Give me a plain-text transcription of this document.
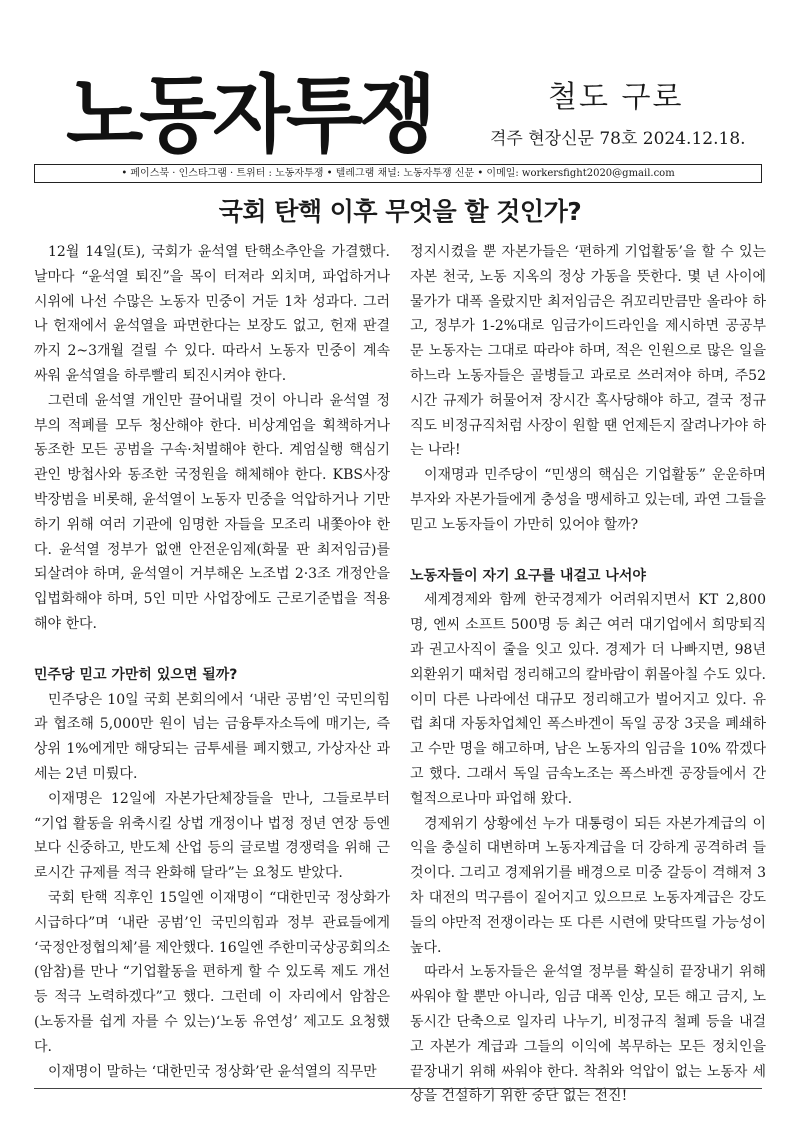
노동자투쟁	철도 구로
격주 현장신문 78호 2024.12.18.
• 페이스북 · 인스타그램 · 트위터 : 노동자투쟁 • 텔레그램 채널: 노동자투쟁 신문 • 이메일: workersfight2020@gmail.com
국회 탄핵 이후 무엇을 할 것인가?

12월 14일(토), 국회가 윤석열 탄핵소추안을 가결했다. 날마다 “윤석열 퇴진”을 목이 터져라 외치며, 파업하거나 시위에 나선 수많은 노동자 민중이 거둔 1차 성과다. 그러나 헌재에서 윤석열을 파면한다는 보장도 없고, 헌재 판결까지 2~3개월 걸릴 수 있다. 따라서 노동자 민중이 계속 싸워 윤석열을 하루빨리 퇴진시켜야 한다.

그런데 윤석열 개인만 끌어내릴 것이 아니라 윤석열 정부의 적폐를 모두 청산해야 한다. 비상계엄을 획책하거나 동조한 모든 공범을 구속·처벌해야 한다. 계엄실행 핵심기관인 방첩사와 동조한 국정원을 해체해야 한다. KBS사장 박장범을 비롯해, 윤석열이 노동자 민중을 억압하거나 기만하기 위해 여러 기관에 임명한 자들을 모조리 내쫓아야 한다. 윤석열 정부가 없앤 안전운임제(화물 판 최저임금)를 되살려야 하며, 윤석열이 거부해온 노조법 2·3조 개정안을 입법화해야 하며, 5인 미만 사업장에도 근로기준법을 적용해야 한다.

민주당 믿고 가만히 있으면 될까?

민주당은 10일 국회 본회의에서 ‘내란 공범’인 국민의힘과 협조해 5,000만 원이 넘는 금융투자소득에 매기는, 즉 상위 1%에게만 해당되는 금투세를 폐지했고, 가상자산 과세는 2년 미뤘다.

이재명은 12일에 자본가단체장들을 만나, 그들로부터 “기업 활동을 위축시킬 상법 개정이나 법정 정년 연장 등엔 보다 신중하고, 반도체 산업 등의 글로벌 경쟁력을 위해 근로시간 규제를 적극 완화해 달라”는 요청도 받았다.

국회 탄핵 직후인 15일엔 이재명이 “대한민국 정상화가 시급하다”며 ‘내란 공범’인 국민의힘과 정부 관료들에게 ‘국정안정협의체’를 제안했다. 16일엔 주한미국상공회의소(암참)를 만나 “기업활동을 편하게 할 수 있도록 제도 개선 등 적극 노력하겠다”고 했다. 그런데 이 자리에서 암참은 (노동자를 쉽게 자를 수 있는)‘노동 유연성’ 제고도 요청했다.

이재명이 말하는 ‘대한민국 정상화’란 윤석열의 직무만

정지시켰을 뿐 자본가들은 ‘편하게 기업활동’을 할 수 있는 자본 천국, 노동 지옥의 정상 가동을 뜻한다. 몇 년 사이에 물가가 대폭 올랐지만 최저임금은 쥐꼬리만큼만 올라야 하고, 정부가 1-2%대로 임금가이드라인을 제시하면 공공부문 노동자는 그대로 따라야 하며, 적은 인원으로 많은 일을 하느라 노동자들은 골병들고 과로로 쓰러져야 하며, 주52시간 규제가 허물어져 장시간 혹사당해야 하고, 결국 정규직도 비정규직처럼 사장이 원할 땐 언제든지 잘려나가야 하는 나라!

이재명과 민주당이 “민생의 핵심은 기업활동” 운운하며 부자와 자본가들에게 충성을 맹세하고 있는데, 과연 그들을 믿고 노동자들이 가만히 있어야 할까?

노동자들이 자기 요구를 내걸고 나서야

세계경제와 함께 한국경제가 어려워지면서 KT 2,800명, 엔씨 소프트 500명 등 최근 여러 대기업에서 희망퇴직과 권고사직이 줄을 잇고 있다. 경제가 더 나빠지면, 98년 외환위기 때처럼 정리해고의 칼바람이 휘몰아칠 수도 있다. 이미 다른 나라에선 대규모 정리해고가 벌어지고 있다. 유럽 최대 자동차업체인 폭스바겐이 독일 공장 3곳을 폐쇄하고 수만 명을 해고하며, 남은 노동자의 임금을 10% 깎겠다고 했다. 그래서 독일 금속노조는 폭스바겐 공장들에서 간헐적으로나마 파업해 왔다.

경제위기 상황에선 누가 대통령이 되든 자본가계급의 이익을 충실히 대변하며 노동자계급을 더 강하게 공격하려 들 것이다. 그리고 경제위기를 배경으로 미중 갈등이 격해져 3차 대전의 먹구름이 짙어지고 있으므로 노동자계급은 강도들의 야만적 전쟁이라는 또 다른 시련에 맞닥뜨릴 가능성이 높다.

따라서 노동자들은 윤석열 정부를 확실히 끝장내기 위해 싸워야 할 뿐만 아니라, 임금 대폭 인상, 모든 해고 금지, 노동시간 단축으로 일자리 나누기, 비정규직 철폐 등을 내걸고 자본가 계급과 그들의 이익에 복무하는 모든 정치인을 끝장내기 위해 싸워야 한다. 착취와 억압이 없는 노동자 세상을 건설하기 위한 중단 없는 전진!
